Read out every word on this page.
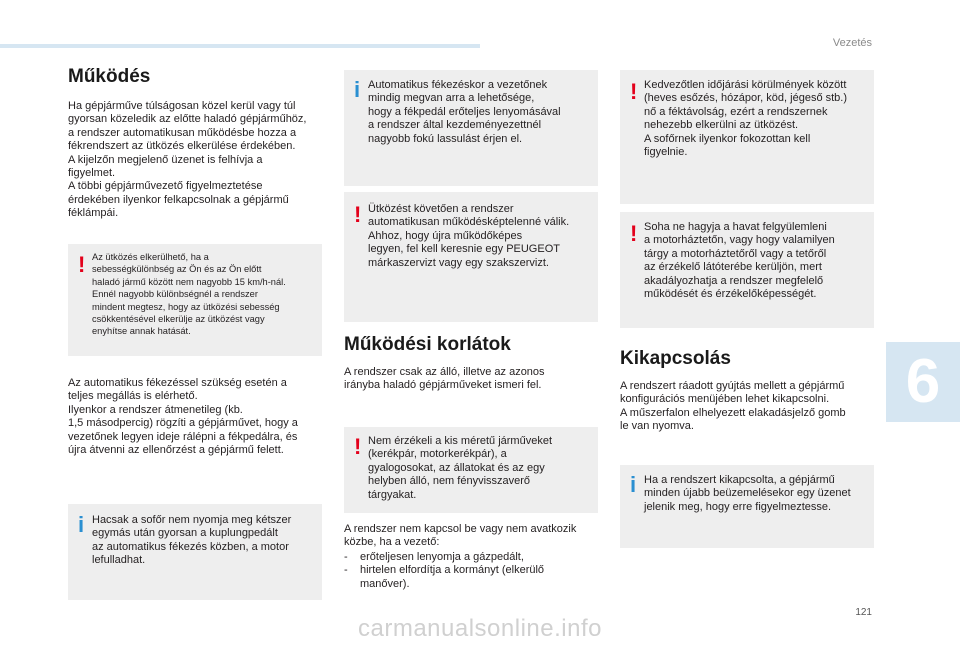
Vezetés
Működés

Ha gépjárműve túlságosan közel kerül vagy túl
gyorsan közeledik az előtte haladó gépjárműhöz,
a rendszer automatikusan működésbe hozza a
fékrendszert az ütközés elkerülése érdekében.
A kijelzőn megjelenő üzenet is felhívja a
figyelmet.
A többi gépjárművezető figyelmeztetése
érdekében ilyenkor felkapcsolnak a gépjármű
féklámpái.

! Az ütközés elkerülhető, ha a
sebességkülönbség az Ön és az Ön előtt
haladó jármű között nem nagyobb 15 km/h-nál.
Ennél nagyobb különbségnél a rendszer
mindent megtesz, hogy az ütközési sebesség
csökkentésével elkerülje az ütközést vagy
enyhítse annak hatását.

Az automatikus fékezéssel szükség esetén a
teljes megállás is elérhető.
Ilyenkor a rendszer átmenetileg (kb.
1,5 másodpercig) rögzíti a gépjárművet, hogy a
vezetőnek legyen ideje rálépni a fékpedálra, és
újra átvenni az ellenőrzést a gépjármű felett.

i Hacsak a sofőr nem nyomja meg kétszer
egymás után gyorsan a kuplungpedált
az automatikus fékezés közben, a motor
lefulladhat.

i Automatikus fékezéskor a vezetőnek
mindig megvan arra a lehetősége,
hogy a fékpedál erőteljes lenyomásával
a rendszer által kezdeményezettnél
nagyobb fokú lassulást érjen el.

! Ütközést követően a rendszer
automatikusan működésképtelenné válik.
Ahhoz, hogy újra működőképes
legyen, fel kell keresnie egy PEUGEOT
márkaszervizt vagy egy szakszervizt.

Működési korlátok

A rendszer csak az álló, illetve az azonos
irányba haladó gépjárműveket ismeri fel.

! Nem érzékeli a kis méretű járműveket
(kerékpár, motorkerékpár), a
gyalogosokat, az állatokat és az egy
helyben álló, nem fényvisszaverő
tárgyakat.

A rendszer nem kapcsol be vagy nem avatkozik
közbe, ha a vezető:

- erőteljesen lenyomja a gázpedált,
- hirtelen elfordítja a kormányt (elkerülő
manőver).
! Kedvezőtlen időjárási körülmények között
(heves esőzés, hózápor, köd, jégeső stb.)
nő a féktávolság, ezért a rendszernek
nehezebb elkerülni az ütközést.
A sofőrnek ilyenkor fokozottan kell
figyelnie.

! Soha ne hagyja a havat felgyülemleni
a motorháztetőn, vagy hogy valamilyen
tárgy a motorháztetőről vagy a tetőről
az érzékelő látóterébe kerüljön, mert
akadályozhatja a rendszer megfelelő
működését és érzékelőképességét.

Kikapcsolás

A rendszert ráadott gyújtás mellett a gépjármű
konfigurációs menüjében lehet kikapcsolni.
A műszerfalon elhelyezett elakadásjelző gomb
le van nyomva.

i Ha a rendszert kikapcsolta, a gépjármű
minden újabb beüzemelésekor egy üzenet
jelenik meg, hogy erre figyelmeztesse.

6
121
carmanualsonline.info
